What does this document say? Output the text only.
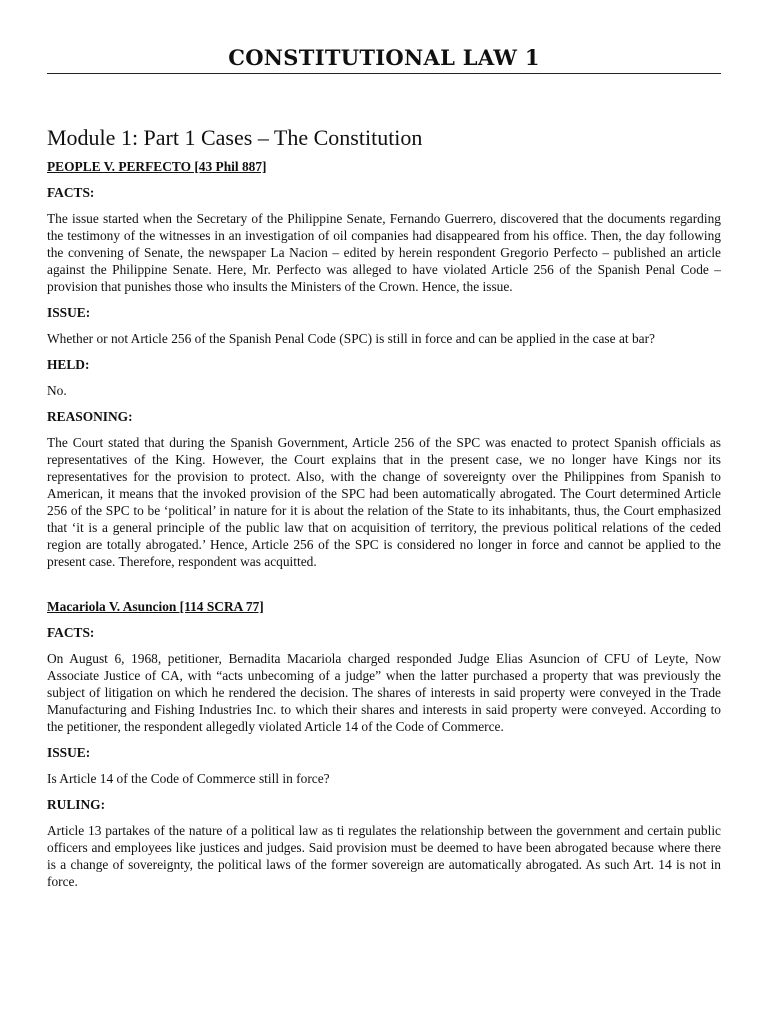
CONSTITUTIONAL LAW 1
Module 1: Part 1 Cases – The Constitution

PEOPLE V. PERFECTO [43 Phil 887]

FACTS:

The issue started when the Secretary of the Philippine Senate, Fernando Guerrero, discovered that the documents regarding the testimony of the witnesses in an investigation of oil companies had disappeared from his office. Then, the day following the convening of Senate, the newspaper La Nacion – edited by herein respondent Gregorio Perfecto – published an article against the Philippine Senate. Here, Mr. Perfecto was alleged to have violated Article 256 of the Spanish Penal Code – provision that punishes those who insults the Ministers of the Crown. Hence, the issue.

ISSUE:

Whether or not Article 256 of the Spanish Penal Code (SPC) is still in force and can be applied in the case at bar?

HELD:

No.

REASONING:

The Court stated that during the Spanish Government, Article 256 of the SPC was enacted to protect Spanish officials as representatives of the King. However, the Court explains that in the present case, we no longer have Kings nor its representatives for the provision to protect. Also, with the change of sovereignty over the Philippines from Spanish to American, it means that the invoked provision of the SPC had been automatically abrogated. The Court determined Article 256 of the SPC to be ‘political’ in nature for it is about the relation of the State to its inhabitants, thus, the Court emphasized that ‘it is a general principle of the public law that on acquisition of territory, the previous political relations of the ceded region are totally abrogated.’ Hence, Article 256 of the SPC is considered no longer in force and cannot be applied to the present case. Therefore, respondent was acquitted.

Macariola V. Asuncion [114 SCRA 77]

FACTS:

On August 6, 1968, petitioner, Bernadita Macariola charged responded Judge Elias Asuncion of CFU of Leyte, Now Associate Justice of CA, with “acts unbecoming of a judge” when the latter purchased a property that was previously the subject of litigation on which he rendered the decision. The shares of interests in said property were conveyed in the Trade Manufacturing and Fishing Industries Inc. to which their shares and interests in said property were conveyed. According to the petitioner, the respondent allegedly violated Article 14 of the Code of Commerce.

ISSUE:

Is Article 14 of the Code of Commerce still in force?

RULING:

Article 13 partakes of the nature of a political law as ti regulates the relationship between the government and certain public officers and employees like justices and judges. Said provision must be deemed to have been abrogated because where there is a change of sovereignty, the political laws of the former sovereign are automatically abrogated. As such Art. 14 is not in force.
